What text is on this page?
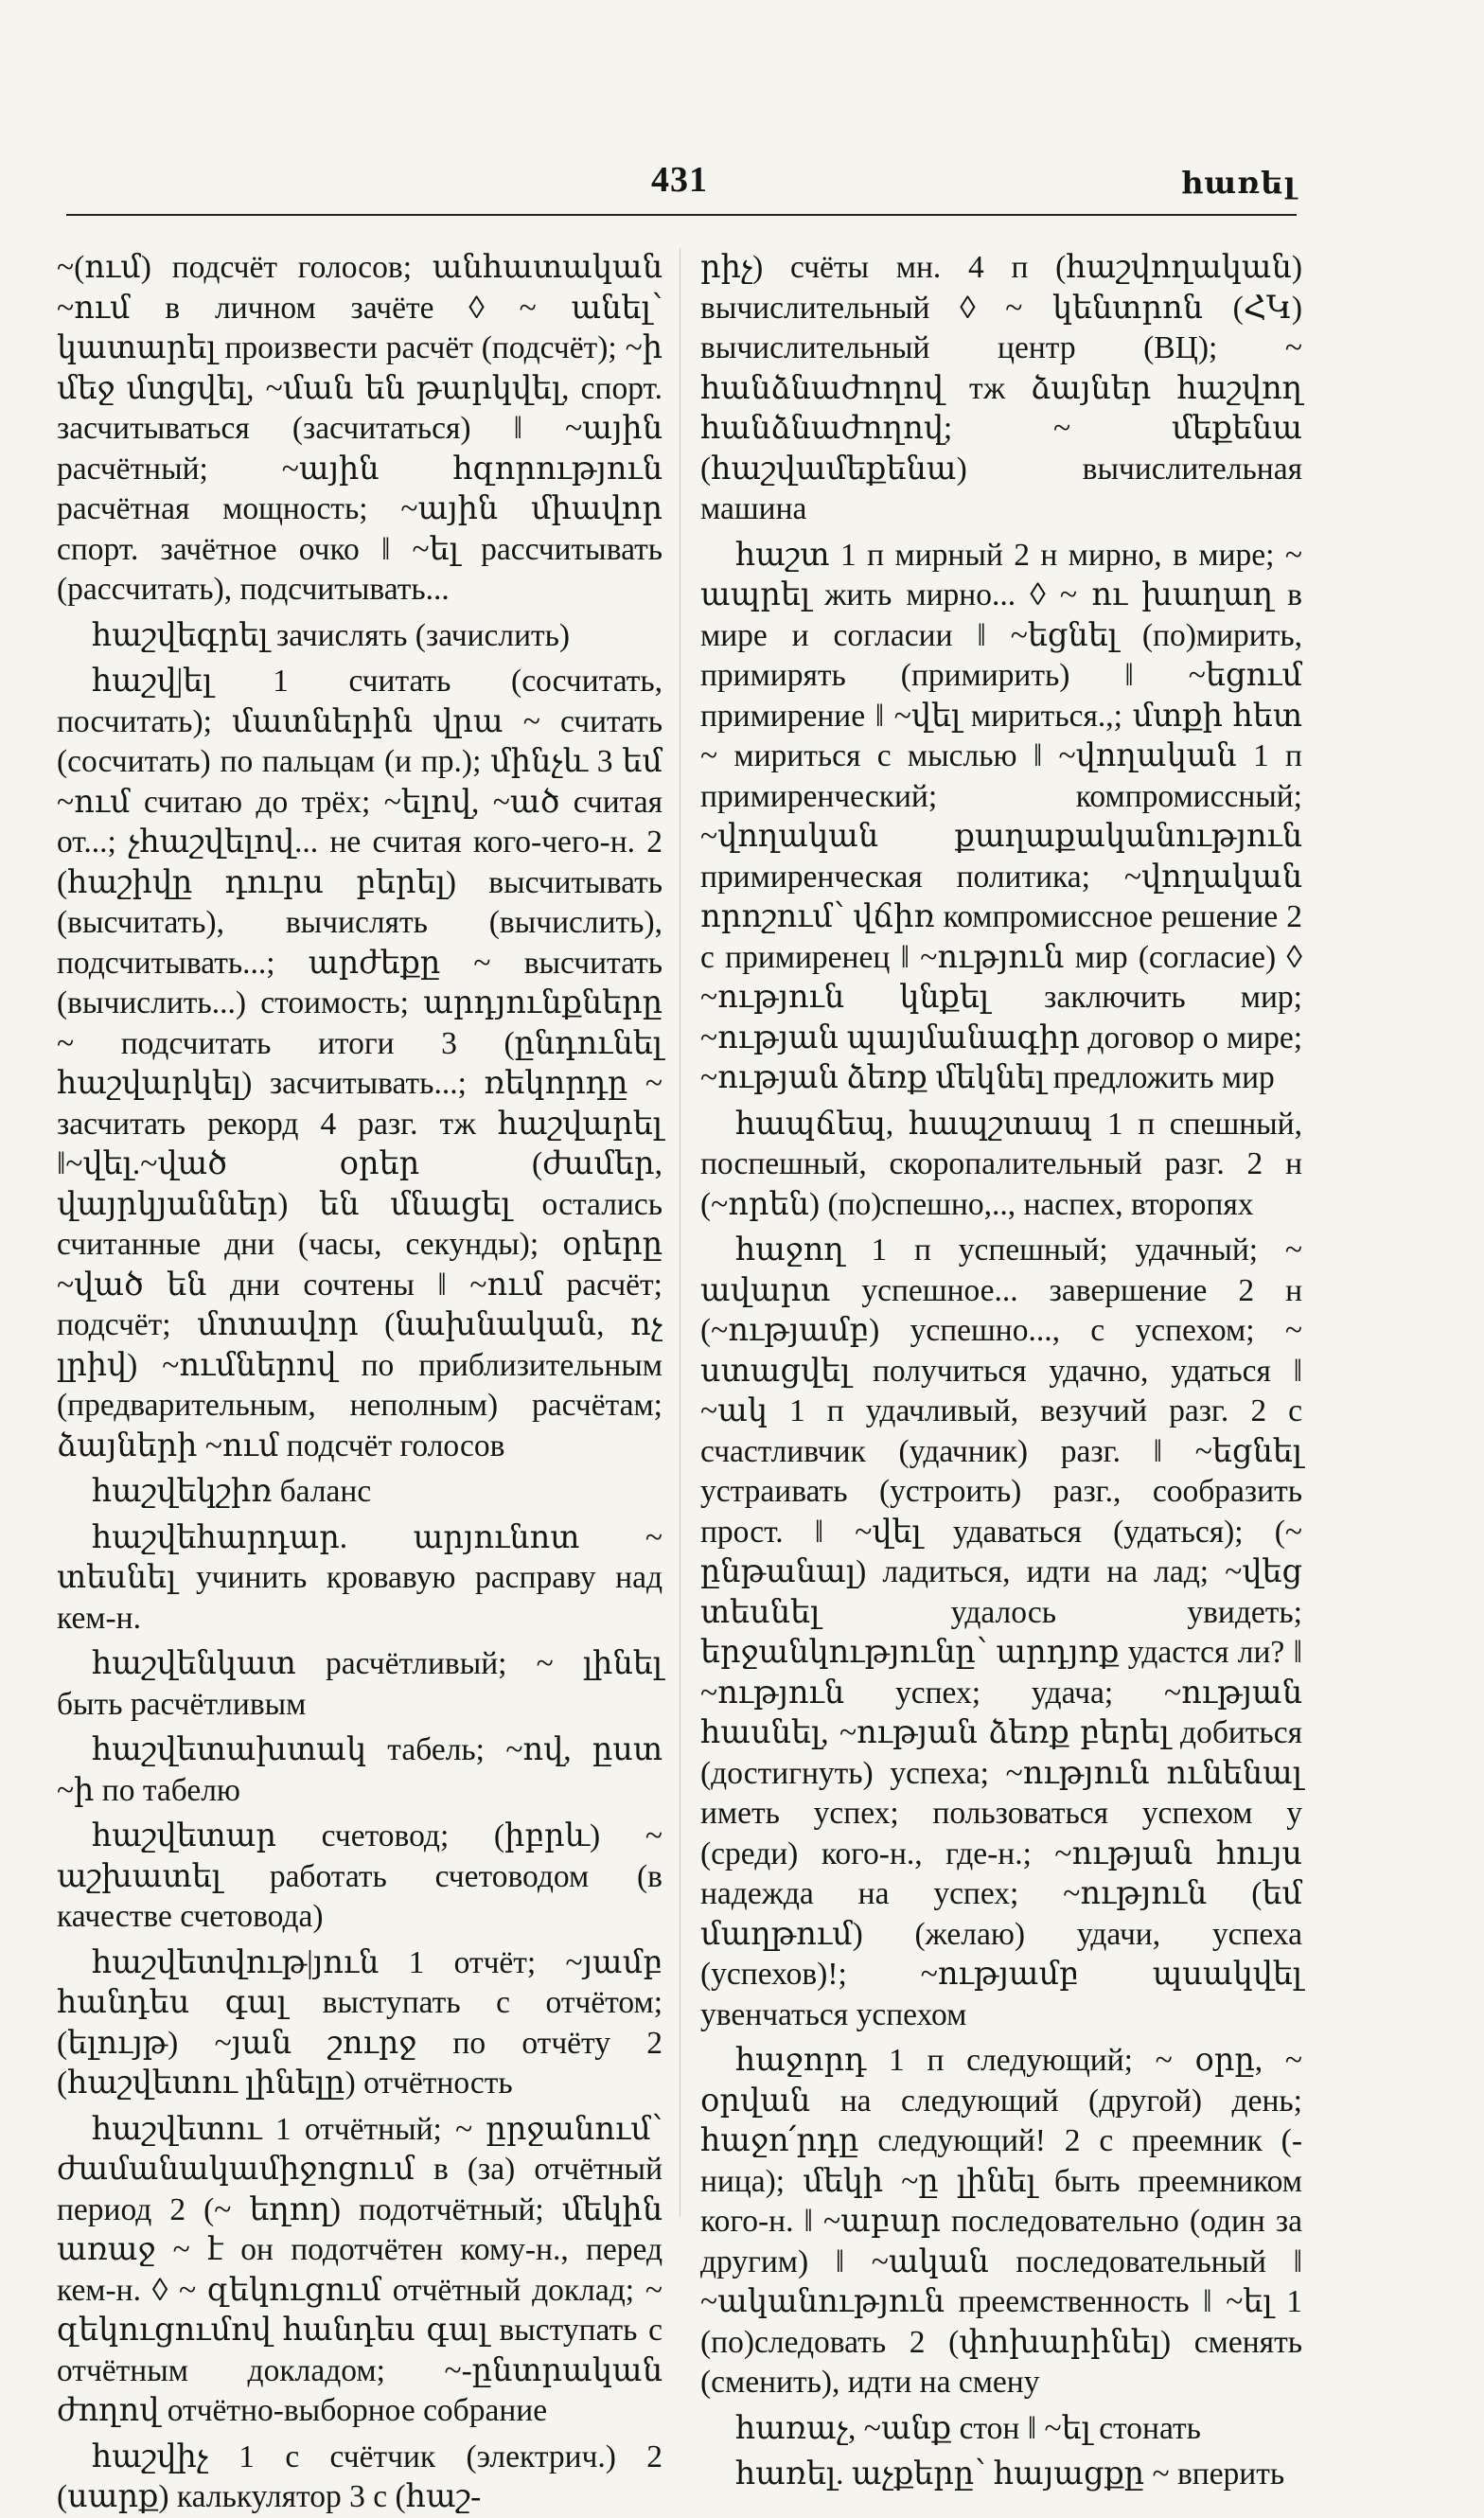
431	հառել

~(ում) подсчёт голосов; անհատական ~ում в личном зачёте ◊ ~ անել՝ կատարել произвести расчёт (подсчёт); ~ի մեջ մտցվել, ~ման են թարկվել, спорт. засчитываться (засчитаться) ‖ ~ային расчётный; ~ային հզորություն расчётная мощность; ~ային միավոր спорт. зачётное очко ‖ ~ել рассчитывать (рассчитать), подсчитывать...

հաշվեգրել зачислять (зачислить)

հաշվ|ել 1 считать (сосчитать, посчитать); մատներին վրա ~ считать (сосчитать) по пальцам (и пр.); մինչև 3 եմ ~ում считаю до трёх; ~ելով, ~ած считая от...; չհաշվելով... не считая кого-чего-н. 2 (հաշիվը դուրս բերել) высчитывать (высчитать), вычислять (вычислить), подсчитывать...; արժեքը ~ высчитать (вычислить...) стоимость; արդյունքները ~ подсчитать итоги 3 (ընդունել հաշվարկել) засчитывать...; ռեկորդը ~ засчитать рекорд 4 разг. тж հաշվարել ‖~վել.~ված օրեր (ժամեր, վայրկյաններ) են մնացել остались считанные дни (часы, секунды); օրերը ~ված են дни сочтены ‖ ~ում расчёт; подсчёт; մոտավոր (նախնական, ոչ լրիվ) ~ումներով по приблизительным (предварительным, неполным) расчётам; ձայների ~ում подсчёт голосов

հաշվեկշիռ баланс

հաշվեհարդար. արյունոտ ~ տեսնել учинить кровавую расправу над кем-н.

հաշվենկատ расчётливый; ~ լինել быть расчётливым

հաշվետախտակ табель; ~ով, ըստ ~ի по табелю

հաշվետար счетовод; (իբրև) ~ աշխատել работать счетоводом (в качестве счетовода)

հաշվետվութ|յուն 1 отчёт; ~յամբ հանդես գալ выступать с отчётом; (ելույթ) ~յան շուրջ по отчёту 2 (հաշվետու լինելը) отчётность

հաշվետու 1 отчётный; ~ ըրջանում՝ ժամանակամիջոցում в (за) отчётный период 2 (~ եղող) подотчётный; մեկին առաջ ~ է он подотчётен кому-н., перед кем-н. ◊ ~ զեկուցում отчётный доклад; ~ զեկուցումով հանդես գալ выступать с отчётным докладом; ~-ընտրական ժողով отчётно-выборное собрание

հաշվիչ 1 с счётчик (электрич.) 2 (սարք) калькулятор 3 с (հաշ-

րիչ) счёты мн. 4 п (հաշվողական) вычислительный ◊ ~ կենտրոն (ՀԿ) вычислительный центр (ВЦ); ~ հանձնաժողով тж ձայներ հաշվող հանձնաժողով; ~ մեքենա (հաշվամեքենա) вычислительная машина

հաշտ 1 п мирный 2 н мирно, в мире; ~ ապրել жить мирно... ◊ ~ ու խաղաղ в мире и согласии ‖ ~եցնել (по)мирить, примирять (примирить) ‖ ~եցում примирение ‖ ~վել мириться.,; մտքի հետ ~ мириться с мыслью ‖ ~վողական 1 п примиренческий; компромиссный; ~վողական քաղաքականություն примиренческая политика; ~վողական որոշում՝ վճիռ компромиссное решение 2 с примиренец ‖ ~ություն мир (согласие) ◊ ~ություն կնքել заключить мир; ~ության պայմանագիր договор о мире; ~ության ձեռք մեկնել предложить мир

հապճեպ, հապշտապ 1 п спешный, поспешный, скоропалительный разг. 2 н (~որեն) (по)спешно,.., наспех, второпях

հաջող 1 п успешный; удачный; ~ ավարտ успешное... завершение 2 н (~ությամբ) успешно..., с успехом; ~ ստացվել получиться удачно, удаться ‖ ~ակ 1 п удачливый, везучий разг. 2 с счастливчик (удачник) разг. ‖ ~եցնել устраивать (устроить) разг., сообразить прост. ‖ ~վել удаваться (удаться); (~ ընթանալ) ладиться, идти на лад; ~վեց տեսնել удалось увидеть; երջանկությունը՝ արդյոք удастся ли? ‖ ~ություն успех; удача; ~ության հասնել, ~ության ձեռք բերել добиться (достигнуть) успеха; ~ություն ունենալ иметь успех; пользоваться успехом у (среди) кого-н., где-н.; ~ության հույս надежда на успех; ~ություն (եմ մաղթում) (желаю) удачи, успеха (успехов)!; ~ությամբ պսակվել увенчаться успехом

հաջորդ 1 п следующий; ~ օրը, ~ օրվան на следующий (другой) день; հաջո՛րդը следующий! 2 с преемник (-ница); մեկի ~ը լինել быть преемником кого-н. ‖ ~աբար последовательно (один за другим) ‖ ~ական последовательный ‖ ~ականություն преемственность ‖ ~ել 1 (по)следовать 2 (փոխարինել) сменять (сменить), идти на смену

հառաչ, ~անք стон ‖ ~ել стонать

հառել. աչքերը՝ հայացքը ~ вперить
